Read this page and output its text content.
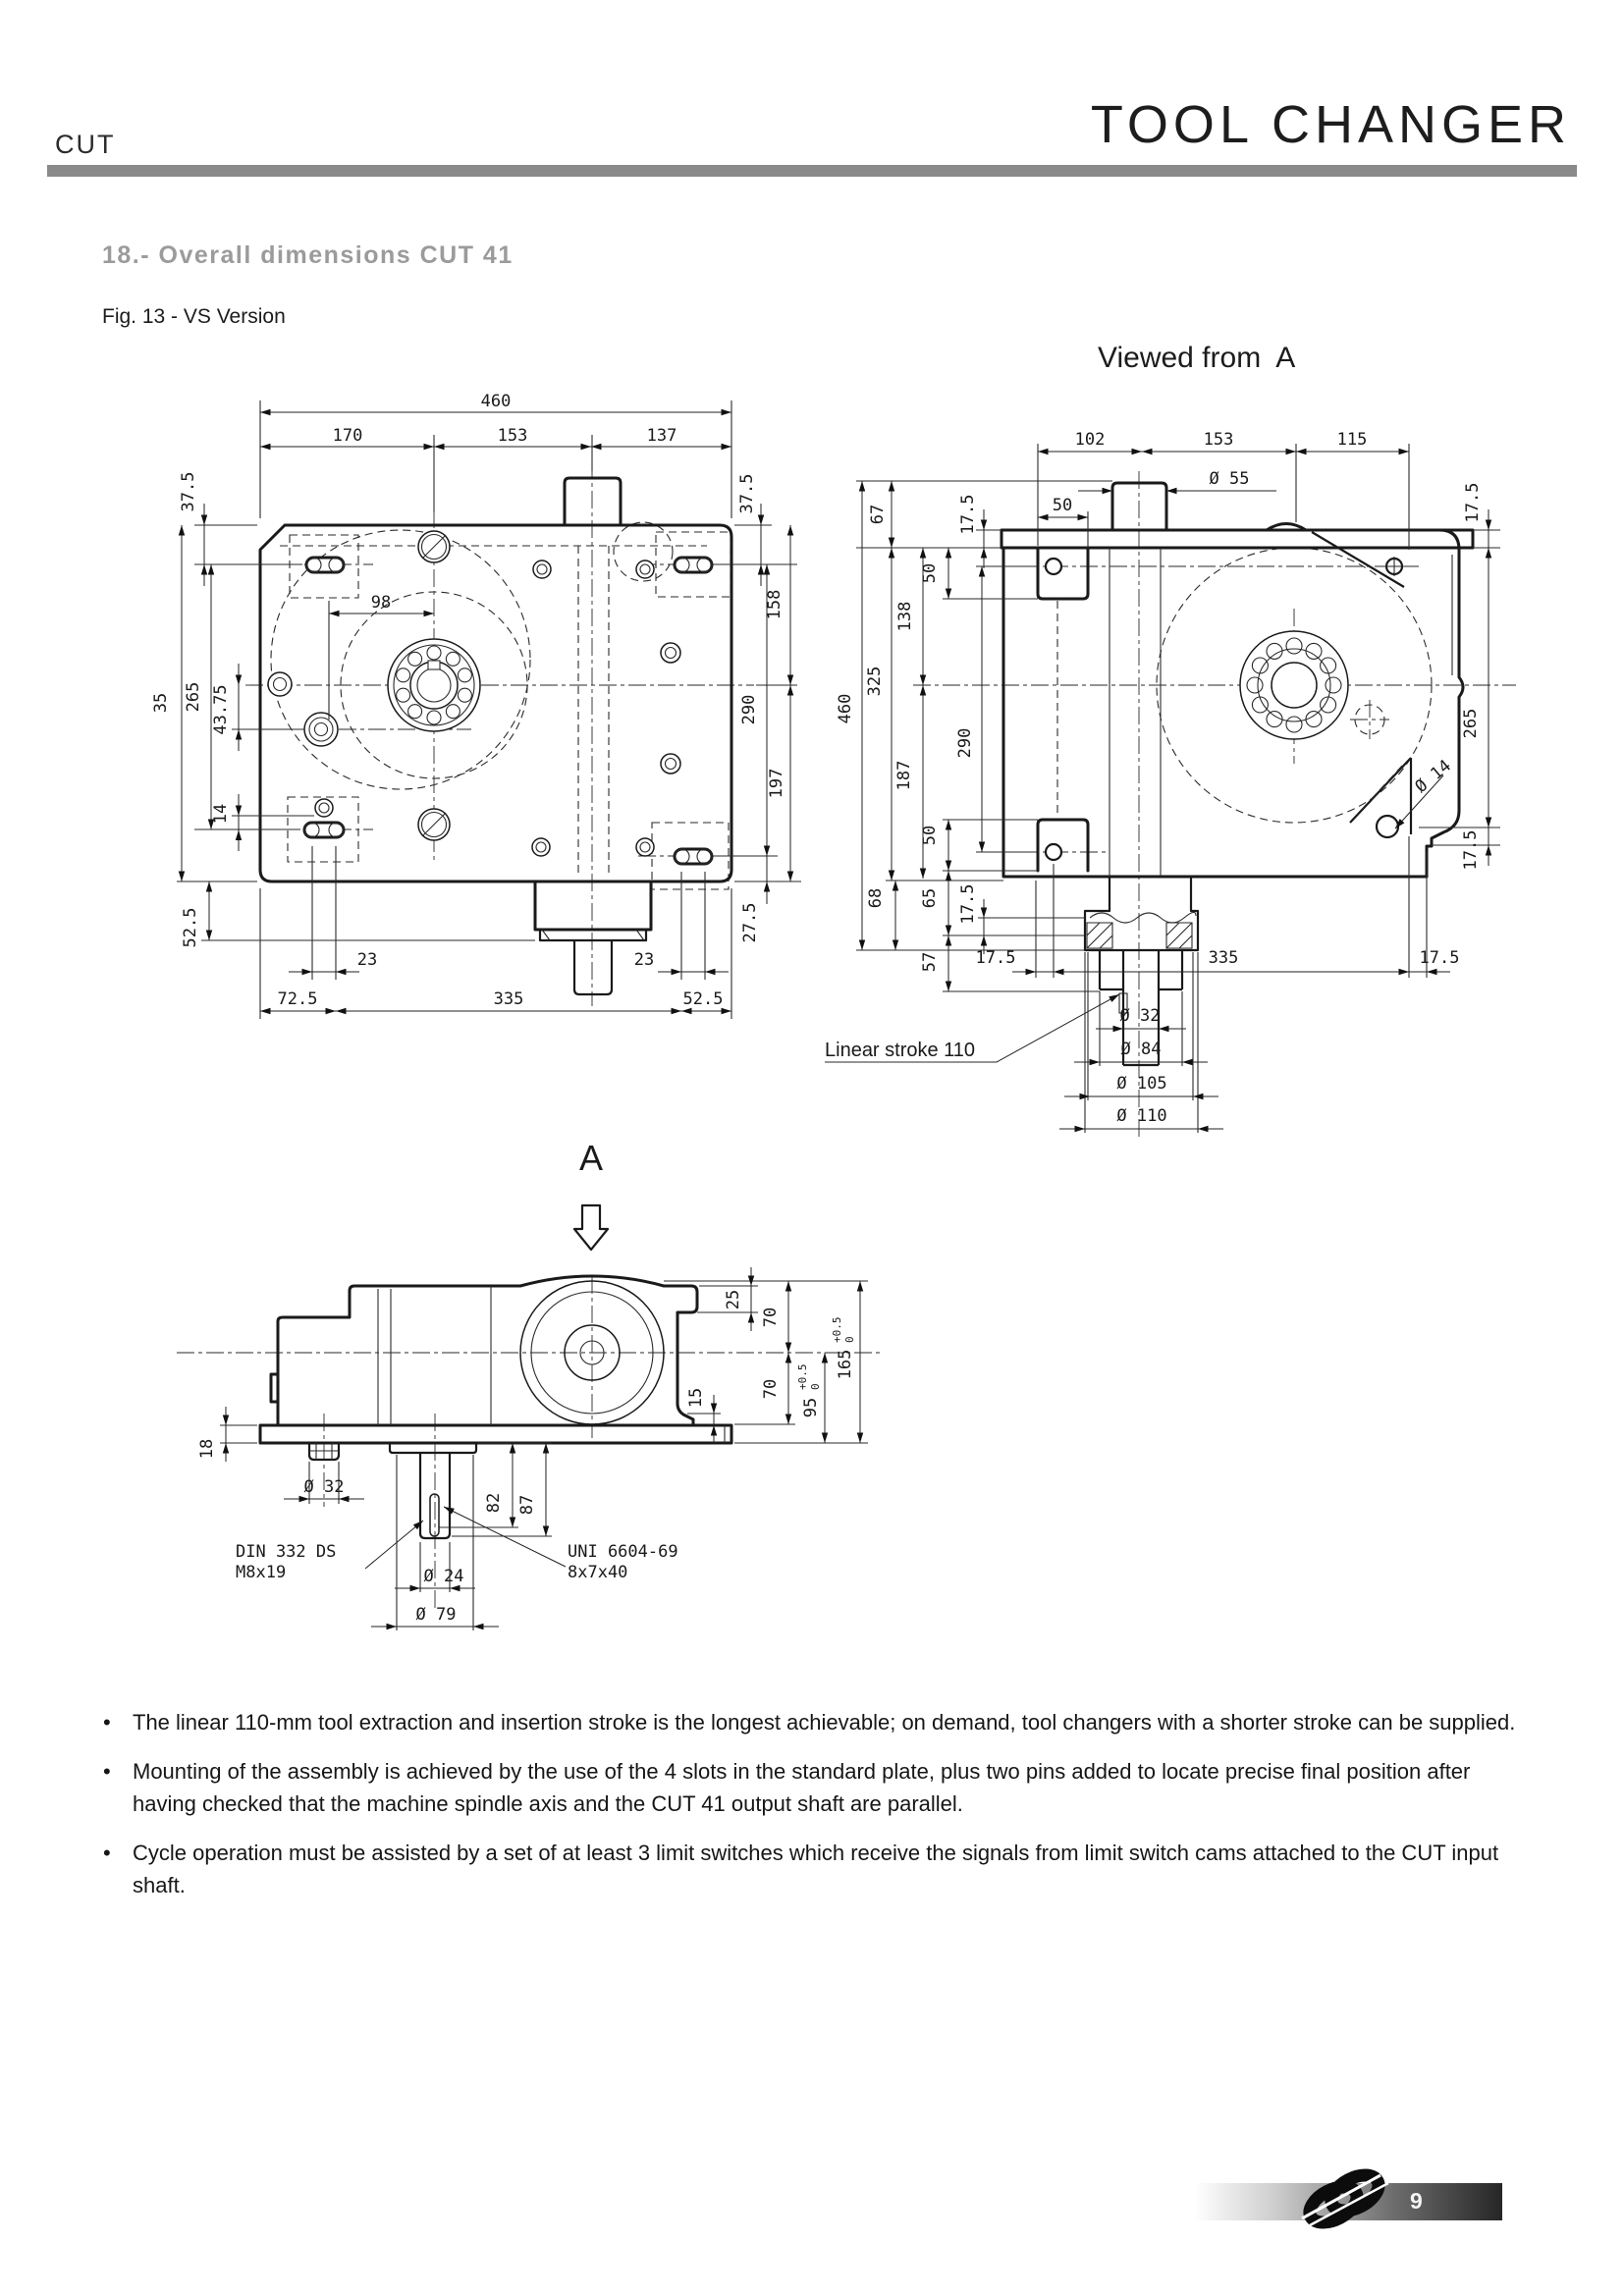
CUT	TOOL CHANGER
18.- Overall dimensions CUT 41
Fig. 13 - VS Version
Viewed from  A
460
170	153	137
98
37.5
35 265 43.75
14
52.5
37.5
158
290
197
27.5
23	23
72.5	335	52.5
102	153	115
Ø 55
50
67	17.5
50
138
325
460
187
290
50
68 65 17.5
57 17.5	335	17.5
17.5
265
17.5
Ø 14
Ø 32
Ø 84
Ø 105
Ø 110
Linear stroke 110
A
18
Ø 32
82 87
25
70
70
15	95
+0.5 0
165
+0.5 0
Ø 24
Ø 79
DIN 332 DS
M8x19
UNI 6604-69
8x7x40
•	The linear 110-mm tool extraction and insertion stroke is the longest achievable; on demand, tool changers with a shorter stroke can be supplied.
•	Mounting of the assembly is achieved by the use of the 4 slots in the standard plate, plus two pins added to locate precise final position after having checked that the machine spindle axis and the CUT 41 output shaft are parallel.
•	Cycle operation must be assisted by a set of at least 3 limit switches which receive the signals from limit switch cams attached to the CUT input shaft.
9
